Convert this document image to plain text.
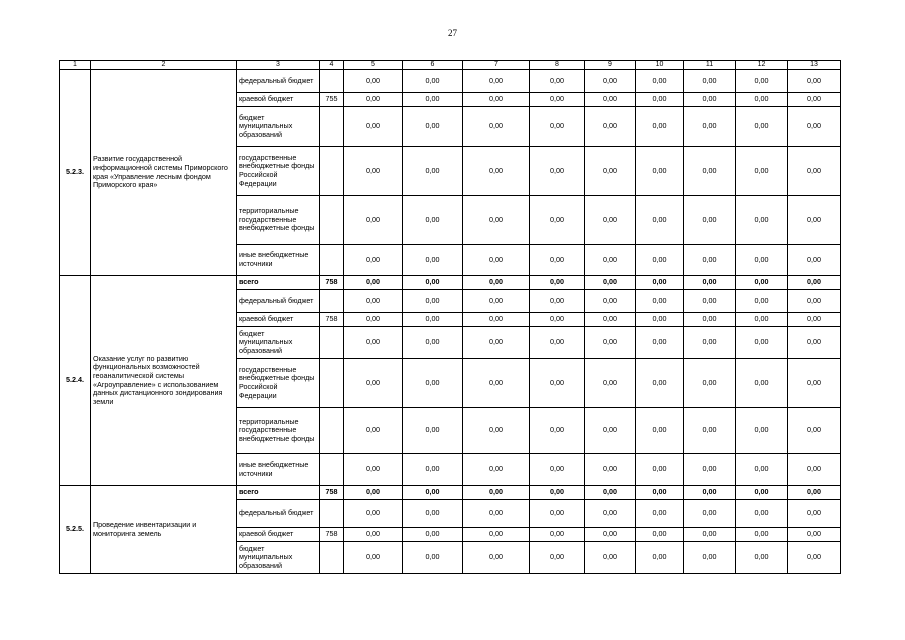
27
1	2	3	4	5	6	7	8	9	10	11	12	13
5.2.3.	Развитие государственной информационной системы Приморского края «Управление лесным фондом Приморского края»	федеральный бюджет		0,00	0,00	0,00	0,00	0,00	0,00	0,00	0,00	0,00
		краевой бюджет	755	0,00	0,00	0,00	0,00	0,00	0,00	0,00	0,00	0,00
		бюджет муниципальных образований		0,00	0,00	0,00	0,00	0,00	0,00	0,00	0,00	0,00
		государственные внебюджетные фонды Российской Федерации		0,00	0,00	0,00	0,00	0,00	0,00	0,00	0,00	0,00
		территориальные государственные внебюджетные фонды		0,00	0,00	0,00	0,00	0,00	0,00	0,00	0,00	0,00
		иные внебюджетные источники		0,00	0,00	0,00	0,00	0,00	0,00	0,00	0,00	0,00
5.2.4.	Оказание услуг по развитию функциональных возможностей геоаналитической системы «Агроуправление» с использованием данных дистанционного зондирования земли	всего	758	0,00	0,00	0,00	0,00	0,00	0,00	0,00	0,00	0,00
		федеральный бюджет		0,00	0,00	0,00	0,00	0,00	0,00	0,00	0,00	0,00
		краевой бюджет	758	0,00	0,00	0,00	0,00	0,00	0,00	0,00	0,00	0,00
		бюджет муниципальных образований		0,00	0,00	0,00	0,00	0,00	0,00	0,00	0,00	0,00
		государственные внебюджетные фонды Российской Федерации		0,00	0,00	0,00	0,00	0,00	0,00	0,00	0,00	0,00
		территориальные государственные внебюджетные фонды		0,00	0,00	0,00	0,00	0,00	0,00	0,00	0,00	0,00
		иные внебюджетные источники		0,00	0,00	0,00	0,00	0,00	0,00	0,00	0,00	0,00
5.2.5.	Проведение инвентаризации и мониторинга земель	всего	758	0,00	0,00	0,00	0,00	0,00	0,00	0,00	0,00	0,00
		федеральный бюджет		0,00	0,00	0,00	0,00	0,00	0,00	0,00	0,00	0,00
		краевой бюджет	758	0,00	0,00	0,00	0,00	0,00	0,00	0,00	0,00	0,00
		бюджет муниципальных образований		0,00	0,00	0,00	0,00	0,00	0,00	0,00	0,00	0,00
